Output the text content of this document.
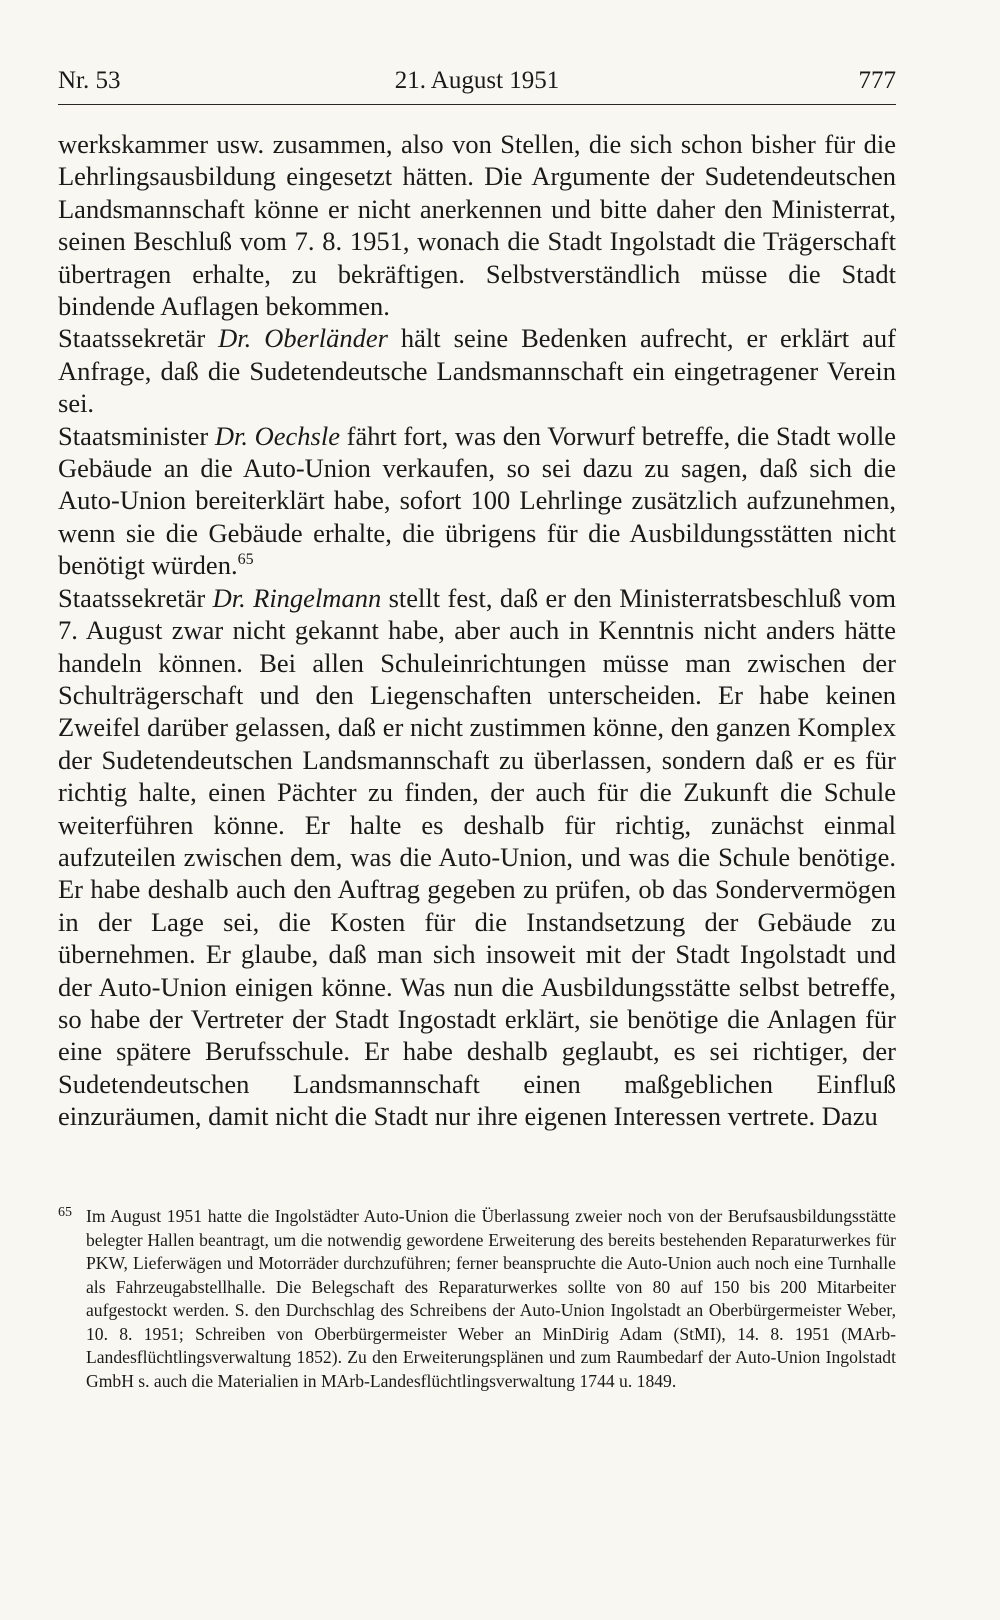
Nr. 53	21. August 1951	777

werkskammer usw. zusammen, also von Stellen, die sich schon bisher für die Lehrlingsausbildung eingesetzt hätten. Die Argumente der Sudetendeutschen Landsmannschaft könne er nicht anerkennen und bitte daher den Ministerrat, seinen Beschluß vom 7. 8. 1951, wonach die Stadt Ingolstadt die Trägerschaft übertragen erhalte, zu bekräftigen. Selbstverständlich müsse die Stadt bindende Auflagen bekommen.

Staatssekretär Dr. Oberländer hält seine Bedenken aufrecht, er erklärt auf Anfrage, daß die Sudetendeutsche Landsmannschaft ein eingetragener Verein sei.

Staatsminister Dr. Oechsle fährt fort, was den Vorwurf betreffe, die Stadt wolle Gebäude an die Auto-Union verkaufen, so sei dazu zu sagen, daß sich die Auto-Union bereiterklärt habe, sofort 100 Lehrlinge zusätzlich aufzunehmen, wenn sie die Gebäude erhalte, die übrigens für die Ausbildungsstätten nicht benötigt würden.$^{65}$

Staatssekretär Dr. Ringelmann stellt fest, daß er den Ministerratsbeschluß vom 7. August zwar nicht gekannt habe, aber auch in Kenntnis nicht anders hätte handeln können. Bei allen Schuleinrichtungen müsse man zwischen der Schulträgerschaft und den Liegenschaften unterscheiden. Er habe keinen Zweifel darüber gelassen, daß er nicht zustimmen könne, den ganzen Komplex der Sudetendeutschen Landsmannschaft zu überlassen, sondern daß er es für richtig halte, einen Pächter zu finden, der auch für die Zukunft die Schule weiterführen könne. Er halte es deshalb für richtig, zunächst einmal aufzuteilen zwischen dem, was die Auto-Union, und was die Schule benötige. Er habe deshalb auch den Auftrag gegeben zu prüfen, ob das Sondervermögen in der Lage sei, die Kosten für die Instandsetzung der Gebäude zu übernehmen. Er glaube, daß man sich insoweit mit der Stadt Ingolstadt und der Auto-Union einigen könne. Was nun die Ausbildungsstätte selbst betreffe, so habe der Vertreter der Stadt Ingostadt erklärt, sie benötige die Anlagen für eine spätere Berufsschule. Er habe deshalb geglaubt, es sei richtiger, der Sudetendeutschen Landsmannschaft einen maßgeblichen Einfluß einzuräumen, damit nicht die Stadt nur ihre eigenen Interessen vertrete. Dazu

65 Im August 1951 hatte die Ingolstädter Auto-Union die Überlassung zweier noch von der Berufsausbildungsstätte belegter Hallen beantragt, um die notwendig gewordene Erweiterung des bereits bestehenden Reparaturwerkes für PKW, Lieferwägen und Motorräder durchzuführen; ferner beanspruchte die Auto-Union auch noch eine Turnhalle als Fahrzeugabstellhalle. Die Belegschaft des Reparaturwerkes sollte von 80 auf 150 bis 200 Mitarbeiter aufgestockt werden. S. den Durchschlag des Schreibens der Auto-Union Ingolstadt an Oberbürgermeister Weber, 10. 8. 1951; Schreiben von Oberbürgermeister Weber an MinDirig Adam (StMI), 14. 8. 1951 (MArb-Landesflüchtlingsverwaltung 1852). Zu den Erweiterungsplänen und zum Raumbedarf der Auto-Union Ingolstadt GmbH s. auch die Materialien in MArb-Landesflüchtlingsverwaltung 1744 u. 1849.
